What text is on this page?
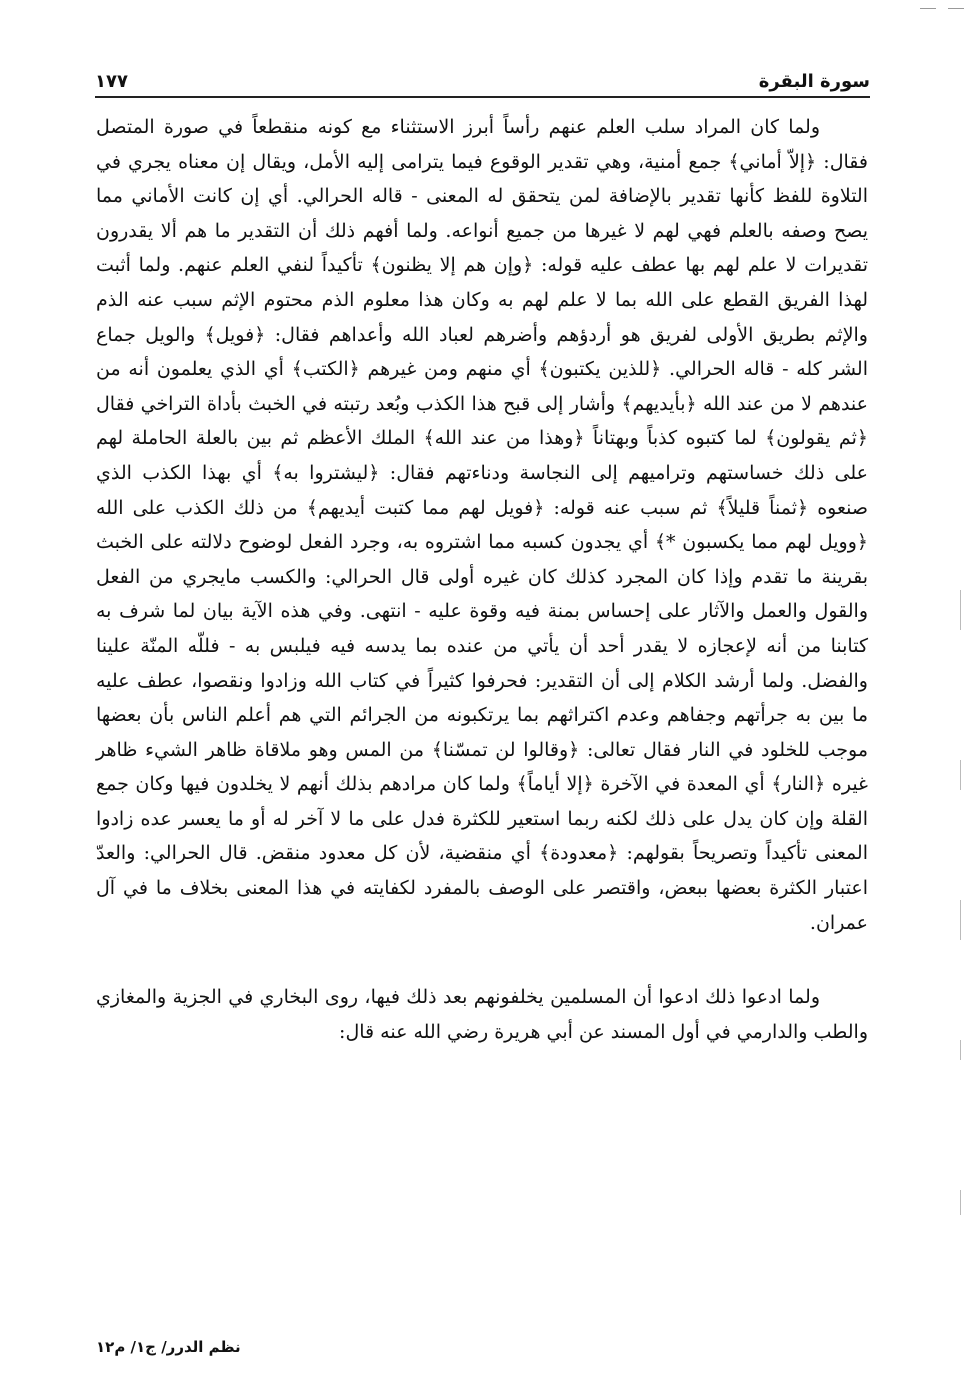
سورة البقرة
١٧٧

ولما كان المراد سلب العلم عنهم رأساً أبرز الاستثناء مع كونه منقطعاً في صورة المتصل فقال: ﴿إلاّ أماني﴾ جمع أمنية، وهي تقدير الوقوع فيما يترامى إليه الأمل، ويقال إن معناه يجري في التلاوة للفظ كأنها تقدير بالإضافة لمن يتحقق له المعنى - قاله الحرالي. أي إن كانت الأماني مما يصح وصفه بالعلم فهي لهم لا غيرها من جميع أنواعه. ولما أفهم ذلك أن التقدير ما هم ألا يقدرون تقديرات لا علم لهم بها عطف عليه قوله: ﴿وإن هم إلا يظنون﴾ تأكيداً لنفي العلم عنهم. ولما أثبت لهذا الفريق القطع على الله بما لا علم لهم به وكان هذا معلوم الذم محتوم الإثم سبب عنه الذم والإثم بطريق الأولى لفريق هو أردؤهم وأضرهم لعباد الله وأعداهم فقال: ﴿فويل﴾ والويل جماع الشر كله - قاله الحرالي. ﴿للذين يكتبون﴾ أي منهم ومن غيرهم ﴿الكتب﴾ أي الذي يعلمون أنه من عندهم لا من عند الله ﴿بأيديهم﴾ وأشار إلى قبح هذا الكذب وبُعد رتبته في الخبث بأداة التراخي فقال ﴿ثم يقولون﴾ لما كتبوه كذباً وبهتاناً ﴿وهذا من عند الله﴾ الملك الأعظم ثم بين بالعلة الحاملة لهم على ذلك خساستهم وتراميهم إلى النجاسة ودناءتهم فقال: ﴿ليشتروا به﴾ أي بهذا الكذب الذي صنعوه ﴿ثمناً قليلاً﴾ ثم سبب عنه قوله: ﴿فويل لهم مما كتبت أيديهم﴾ من ذلك الكذب على الله ﴿وويل لهم مما يكسبون *﴾ أي يجدون كسبه مما اشتروه به، وجرد الفعل لوضوح دلالته على الخبث بقرينة ما تقدم وإذا كان المجرد كذلك كان غيره أولى قال الحرالي: والكسب مايجري من الفعل والقول والعمل والآثار على إحساس بمنة فيه وقوة عليه - انتهى. وفي هذه الآية بيان لما شرف به كتابنا من أنه لإعجازه لا يقدر أحد أن يأتي من عنده بما يدسه فيه فيلبس به - فللّه المنّة علينا والفضل. ولما أرشد الكلام إلى أن التقدير: فحرفوا كثيراً في كتاب الله وزادوا ونقصوا، عطف عليه ما بين به جرأتهم وجفاهم وعدم اكتراثهم بما يرتكبونه من الجرائم التي هم أعلم الناس بأن بعضها موجب للخلود في النار فقال تعالى: ﴿وقالوا لن تمسّنا﴾ من المس وهو ملاقاة ظاهر الشيء ظاهر غيره ﴿النار﴾ أي المعدة في الآخرة ﴿إلا أياماً﴾ ولما كان مرادهم بذلك أنهم لا يخلدون فيها وكان جمع القلة وإن كان يدل على ذلك لكنه ربما استعير للكثرة فدل على ما لا آخر له أو ما يعسر عده زادوا المعنى تأكيداً وتصريحاً بقولهم: ﴿معدودة﴾ أي منقضية، لأن كل معدود منقض. قال الحرالي: والعدّ اعتبار الكثرة بعضها ببعض، واقتصر على الوصف بالمفرد لكفايته في هذا المعنى بخلاف ما في آل عمران.

ولما ادعوا ذلك ادعوا أن المسلمين يخلفونهم بعد ذلك فيها، روى البخاري في الجزية والمغازي والطب والدارمي في أول المسند عن أبي هريرة رضي الله عنه قال:

نظم الدرر/ ج١/ م١٢
